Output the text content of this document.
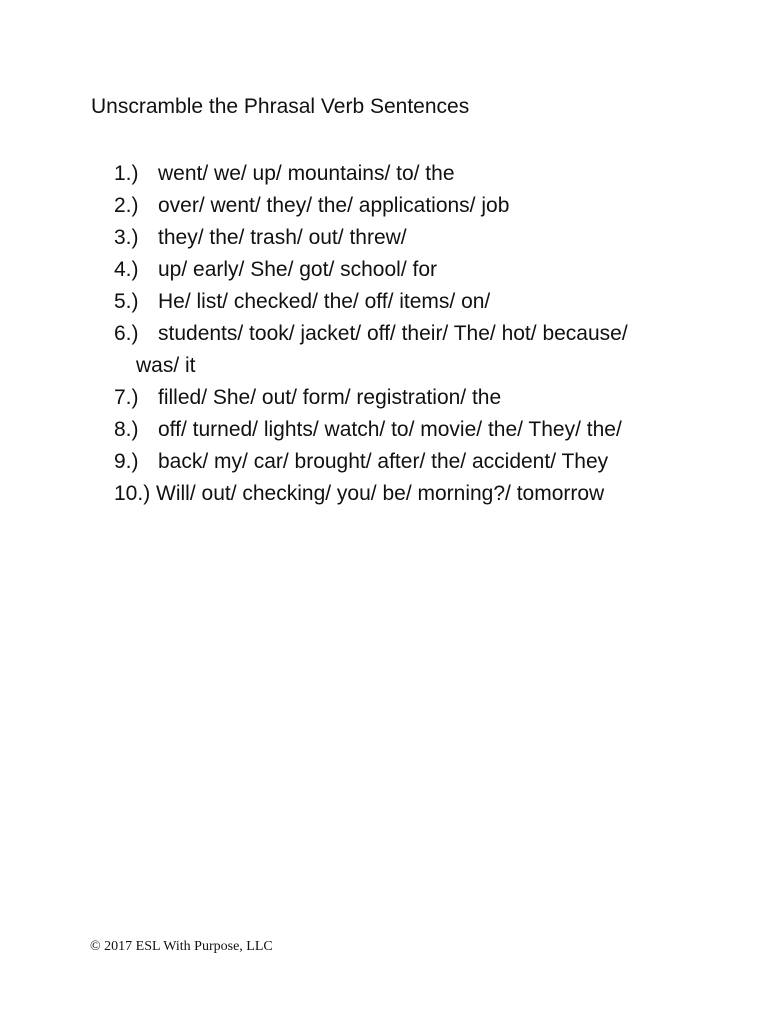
Unscramble the Phrasal Verb Sentences
1.) went/ we/ up/ mountains/ to/ the
2.) over/ went/ they/ the/ applications/ job
3.) they/ the/ trash/ out/ threw/
4.) up/ early/ She/ got/ school/ for
5.) He/ list/ checked/ the/ off/ items/ on/
6.) students/ took/ jacket/ off/ their/ The/ hot/ because/
was/ it
7.) filled/ She/ out/ form/ registration/ the
8.) off/ turned/ lights/ watch/ to/ movie/ the/ They/ the/
9.) back/ my/ car/ brought/ after/ the/ accident/ They
10.) Will/ out/ checking/ you/ be/ morning?/ tomorrow
© 2017 ESL With Purpose, LLC
